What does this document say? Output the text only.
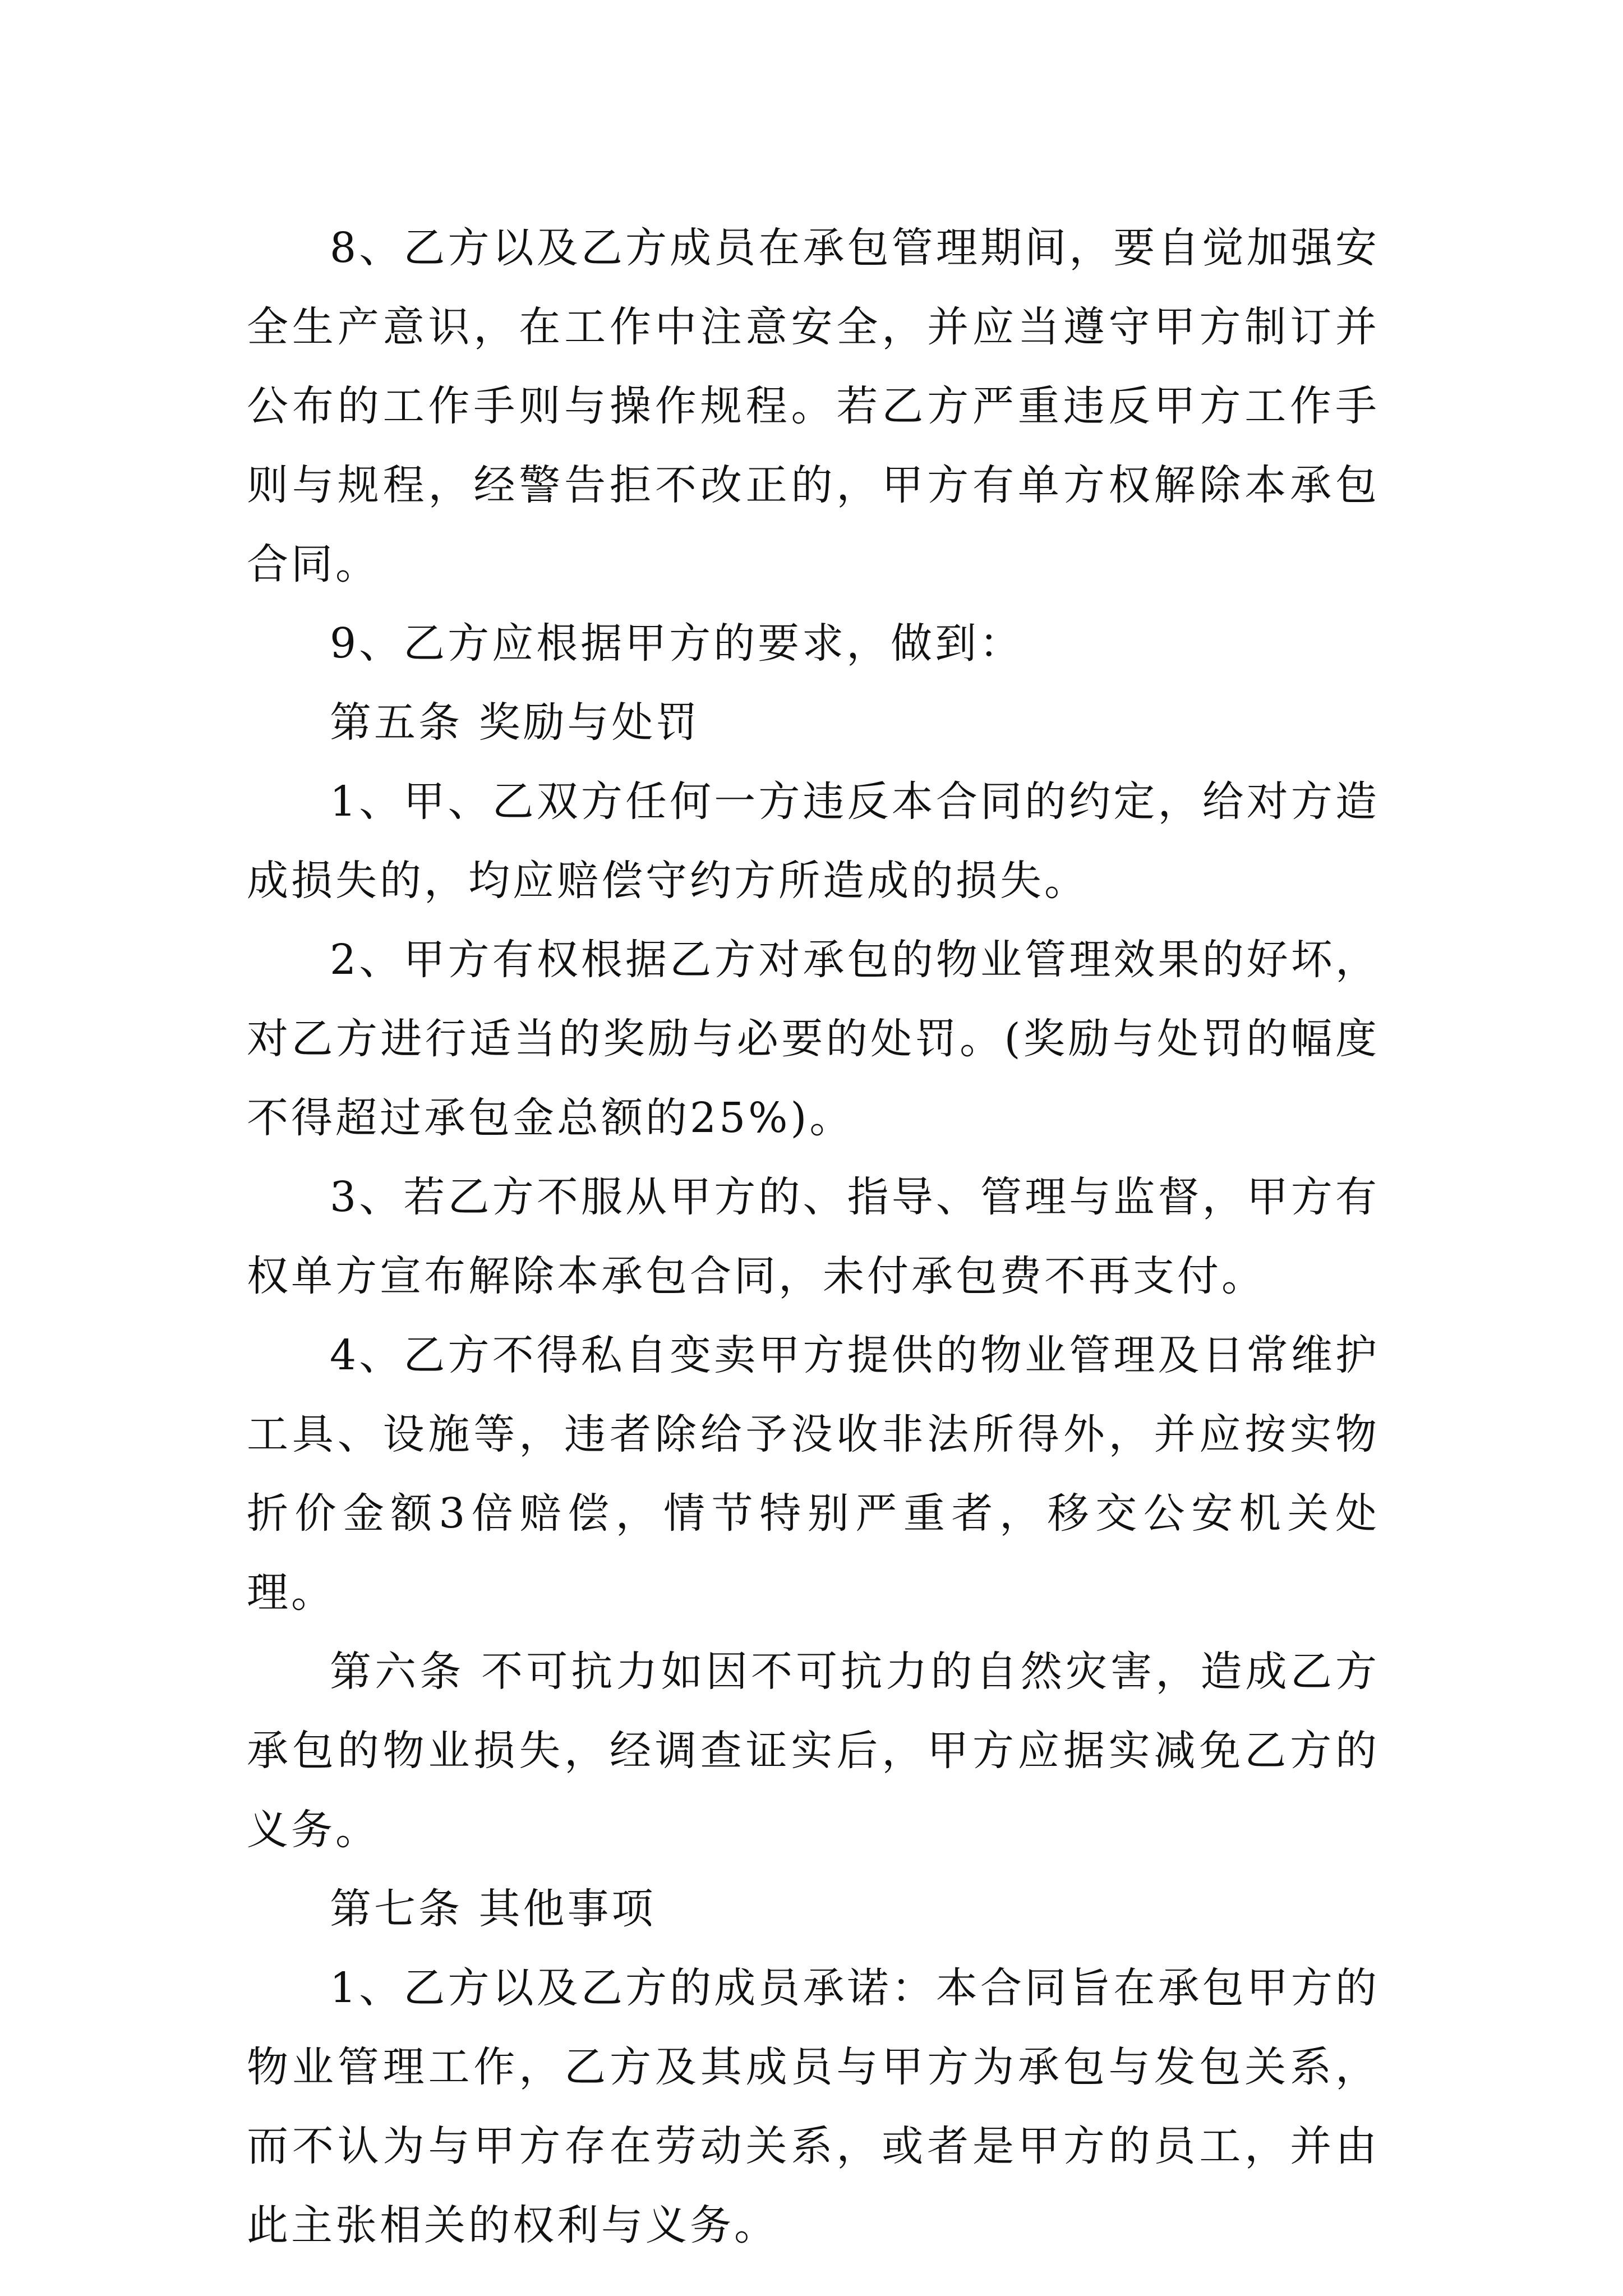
8、乙方以及乙方成员在承包管理期间，要自觉加强安全生产意识，在工作中注意安全，并应当遵守甲方制订并公布的工作手则与操作规程。若乙方严重违反甲方工作手则与规程，经警告拒不改正的，甲方有单方权解除本承包合同。

9、乙方应根据甲方的要求，做到：

第五条 奖励与处罚

1、甲、乙双方任何一方违反本合同的约定，给对方造成损失的，均应赔偿守约方所造成的损失。

2、甲方有权根据乙方对承包的物业管理效果的好坏，对乙方进行适当的奖励与必要的处罚。(奖励与处罚的幅度不得超过承包金总额的25%)。

3、若乙方不服从甲方的、指导、管理与监督，甲方有权单方宣布解除本承包合同，未付承包费不再支付。

4、乙方不得私自变卖甲方提供的物业管理及日常维护工具、设施等，违者除给予没收非法所得外，并应按实物折价金额3倍赔偿，情节特别严重者，移交公安机关处理。

第六条 不可抗力如因不可抗力的自然灾害，造成乙方承包的物业损失，经调查证实后，甲方应据实减免乙方的义务。

第七条 其他事项

1、乙方以及乙方的成员承诺：本合同旨在承包甲方的物业管理工作，乙方及其成员与甲方为承包与发包关系，而不认为与甲方存在劳动关系，或者是甲方的员工，并由此主张相关的权利与义务。
